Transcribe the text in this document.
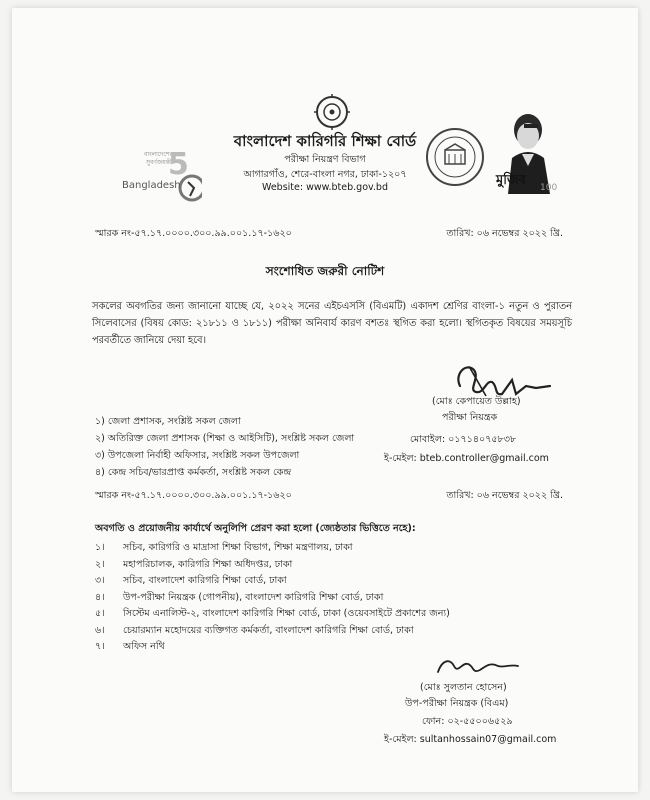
বাংলাদেশের
সুবর্ণজয়ন্তী
5
Bangladesh
বাংলাদেশ কারিগরি শিক্ষা বোর্ড
পরীক্ষা নিয়ন্ত্রণ বিভাগ
আগারগাঁও, শেরে-বাংলা নগর, ঢাকা-১২০৭
Website: www.bteb.gov.bd	মুজিব 100
স্মারক নং-৫৭.১৭.০০০০.৩০০.৯৯.০০১.১৭-১৬২০	তারিখ: ০৬ নভেম্বর ২০২২ খ্রি.
সংশোধিত জরুরী নোটিশ
সকলের অবগতির জন্য জানানো যাচ্ছে যে, ২০২২ সনের এইচএসসি (বিএমটি) একাদশ শ্রেণির বাংলা-১ নতুন ও পুরাতন সিলেবাসের (বিষয় কোড: ২১৮১১ ও ১৮১১) পরীক্ষা অনিবার্য কারণ বশতঃ স্থগিত করা হলো। স্থগিতকৃত বিষয়ের সময়সূচি পরবর্তীতে জানিয়ে দেয়া হবে।
(মোঃ কেপায়েত উল্লাহ)
পরীক্ষা নিয়ন্ত্রক
মোবাইল: ০১৭১৪০৭৫৮৩৮
ই-মেইল: bteb.controller@gmail.com
১) জেলা প্রশাসক, সংশ্লিষ্ট সকল জেলা
২) অতিরিক্ত জেলা প্রশাসক (শিক্ষা ও আইসিটি), সংশ্লিষ্ট সকল জেলা
৩) উপজেলা নির্বাহী অফিসার, সংশ্লিষ্ট সকল উপজেলা
৪) কেন্দ্র সচিব/ভারপ্রাপ্ত কর্মকর্তা, সংশ্লিষ্ট সকল কেন্দ্র
স্মারক নং-৫৭.১৭.০০০০.৩০০.৯৯.০০১.১৭-১৬২০	তারিখ: ০৬ নভেম্বর ২০২২ খ্রি.
অবগতি ও প্রয়োজনীয় কার্যার্থে অনুলিপি প্রেরণ করা হলো (জ্যেষ্ঠতার ভিত্তিতে নহে):
১।	সচিব, কারিগরি ও মাদ্রাসা শিক্ষা বিভাগ, শিক্ষা মন্ত্রণালয়, ঢাকা
২।	মহাপরিচালক, কারিগরি শিক্ষা অধিদপ্তর, ঢাকা
৩।	সচিব, বাংলাদেশ কারিগরি শিক্ষা বোর্ড, ঢাকা
৪।	উপ-পরীক্ষা নিয়ন্ত্রক (গোপনীয়), বাংলাদেশ কারিগরি শিক্ষা বোর্ড, ঢাকা
৫।	সিস্টেম এনালিস্ট-২, বাংলাদেশ কারিগরি শিক্ষা বোর্ড, ঢাকা (ওয়েবসাইটে প্রকাশের জন্য)
৬।	চেয়ারম্যান মহোদয়ের ব্যক্তিগত কর্মকর্তা, বাংলাদেশ কারিগরি শিক্ষা বোর্ড, ঢাকা
৭।	অফিস নথি
(মোঃ সুলতান হোসেন)
উপ-পরীক্ষা নিয়ন্ত্রক (বিএম)
ফোন: ০২-৫৫০০৬৫২৯
ই-মেইল: sultanhossain07@gmail.com
